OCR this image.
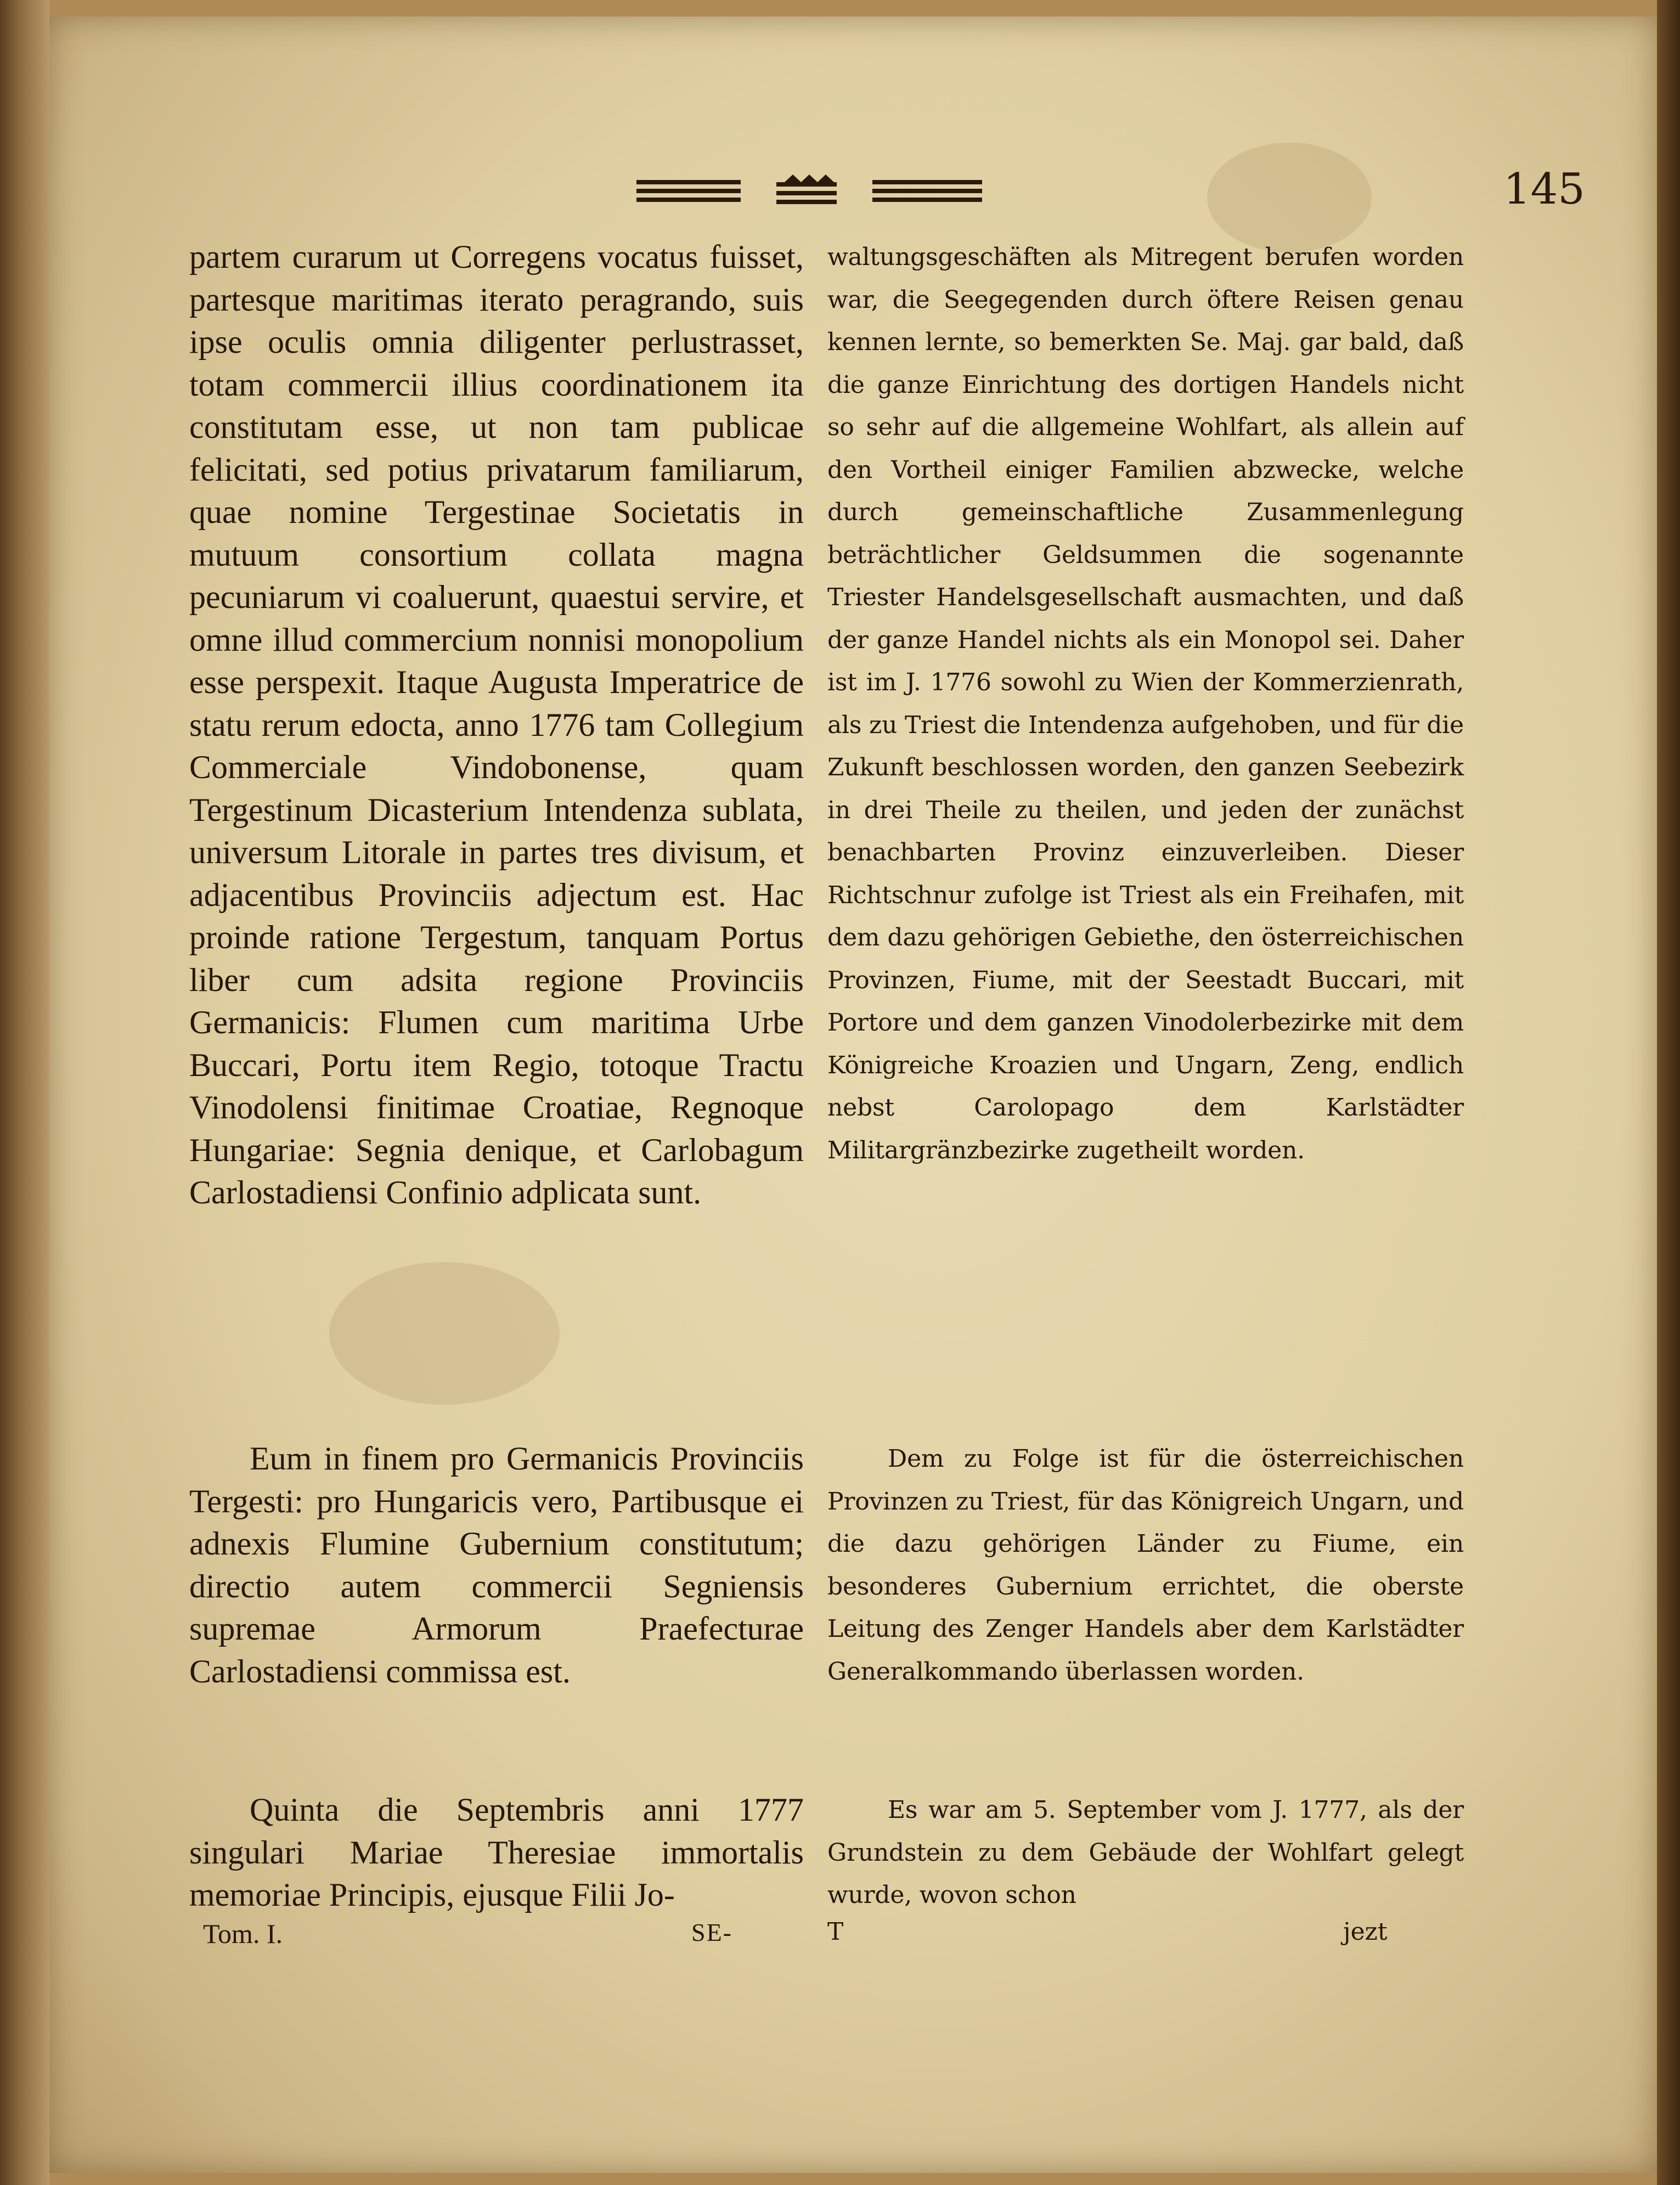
145

partem curarum ut Corregens vocatus fuisset, partesque maritimas iterato peragrando, suis ipse oculis omnia diligenter perlustrasset, totam commercii illius coordinationem ita constitutam esse, ut non tam publicae felicitati, sed potius privatarum familiarum, quae nomine Tergestinae Societatis in mutuum consortium collata magna pecuniarum vi coaluerunt, quaestui servire, et omne illud commercium nonnisi monopolium esse perspexit. Itaque Augusta Imperatrice de statu rerum edocta, anno 1776 tam Collegium Commerciale Vindobonense, quam Tergestinum Dicasterium Intendenza sublata, universum Litorale in partes tres divisum, et adjacentibus Provinciis adjectum est. Hac proinde ratione Tergestum, tanquam Portus liber cum adsita regione Provinciis Germanicis: Flumen cum maritima Urbe Buccari, Portu item Regio, totoque Tractu Vinodolensi finitimae Croatiae, Regnoque Hungariae: Segnia denique, et Carlobagum Carlostadiensi Confinio adplicata sunt.

Eum in finem pro Germanicis Provinciis Tergesti: pro Hungaricis vero, Partibusque ei adnexis Flumine Gubernium constitutum; directio autem commercii Segniensis supremae Armorum Praefecturae Carlostadiensi commissa est.

Quinta die Septembris anni 1777 singulari Mariae Theresiae immortalis memoriae Principis, ejusque Filii Jo-

waltungsgeschäften als Mitregent berufen worden war, die Seegegenden durch öftere Reisen genau kennen lernte, so bemerkten Se. Maj. gar bald, daß die ganze Einrichtung des dortigen Handels nicht so sehr auf die allgemeine Wohlfart, als allein auf den Vortheil einiger Familien abzwecke, welche durch gemeinschaftliche Zusammenlegung beträchtlicher Geldsummen die sogenannte Triester Handelsgesellschaft ausmachten, und daß der ganze Handel nichts als ein Monopol sei. Daher ist im J. 1776 sowohl zu Wien der Kommerzienrath, als zu Triest die Intendenza aufgehoben, und für die Zukunft beschlossen worden, den ganzen Seebezirk in drei Theile zu theilen, und jeden der zunächst benachbarten Provinz einzuverleiben. Dieser Richtschnur zufolge ist Triest als ein Freihafen, mit dem dazu gehörigen Gebiethe, den österreichischen Provinzen, Fiume, mit der Seestadt Buccari, mit Portore und dem ganzen Vinodolerbezirke mit dem Königreiche Kroazien und Ungarn, Zeng, endlich nebst Carolopago dem Karlstädter Militargränzbezirke zugetheilt worden.

Dem zu Folge ist für die österreichischen Provinzen zu Triest, für das Königreich Ungarn, und die dazu gehörigen Länder zu Fiume, ein besonderes Gubernium errichtet, die oberste Leitung des Zenger Handels aber dem Karlstädter Generalkommando überlassen worden.

Es war am 5. September vom J. 1777, als der Grundstein zu dem Gebäude der Wohlfart gelegt wurde, wovon schon

Tom. I.	SE-	T	jezt
